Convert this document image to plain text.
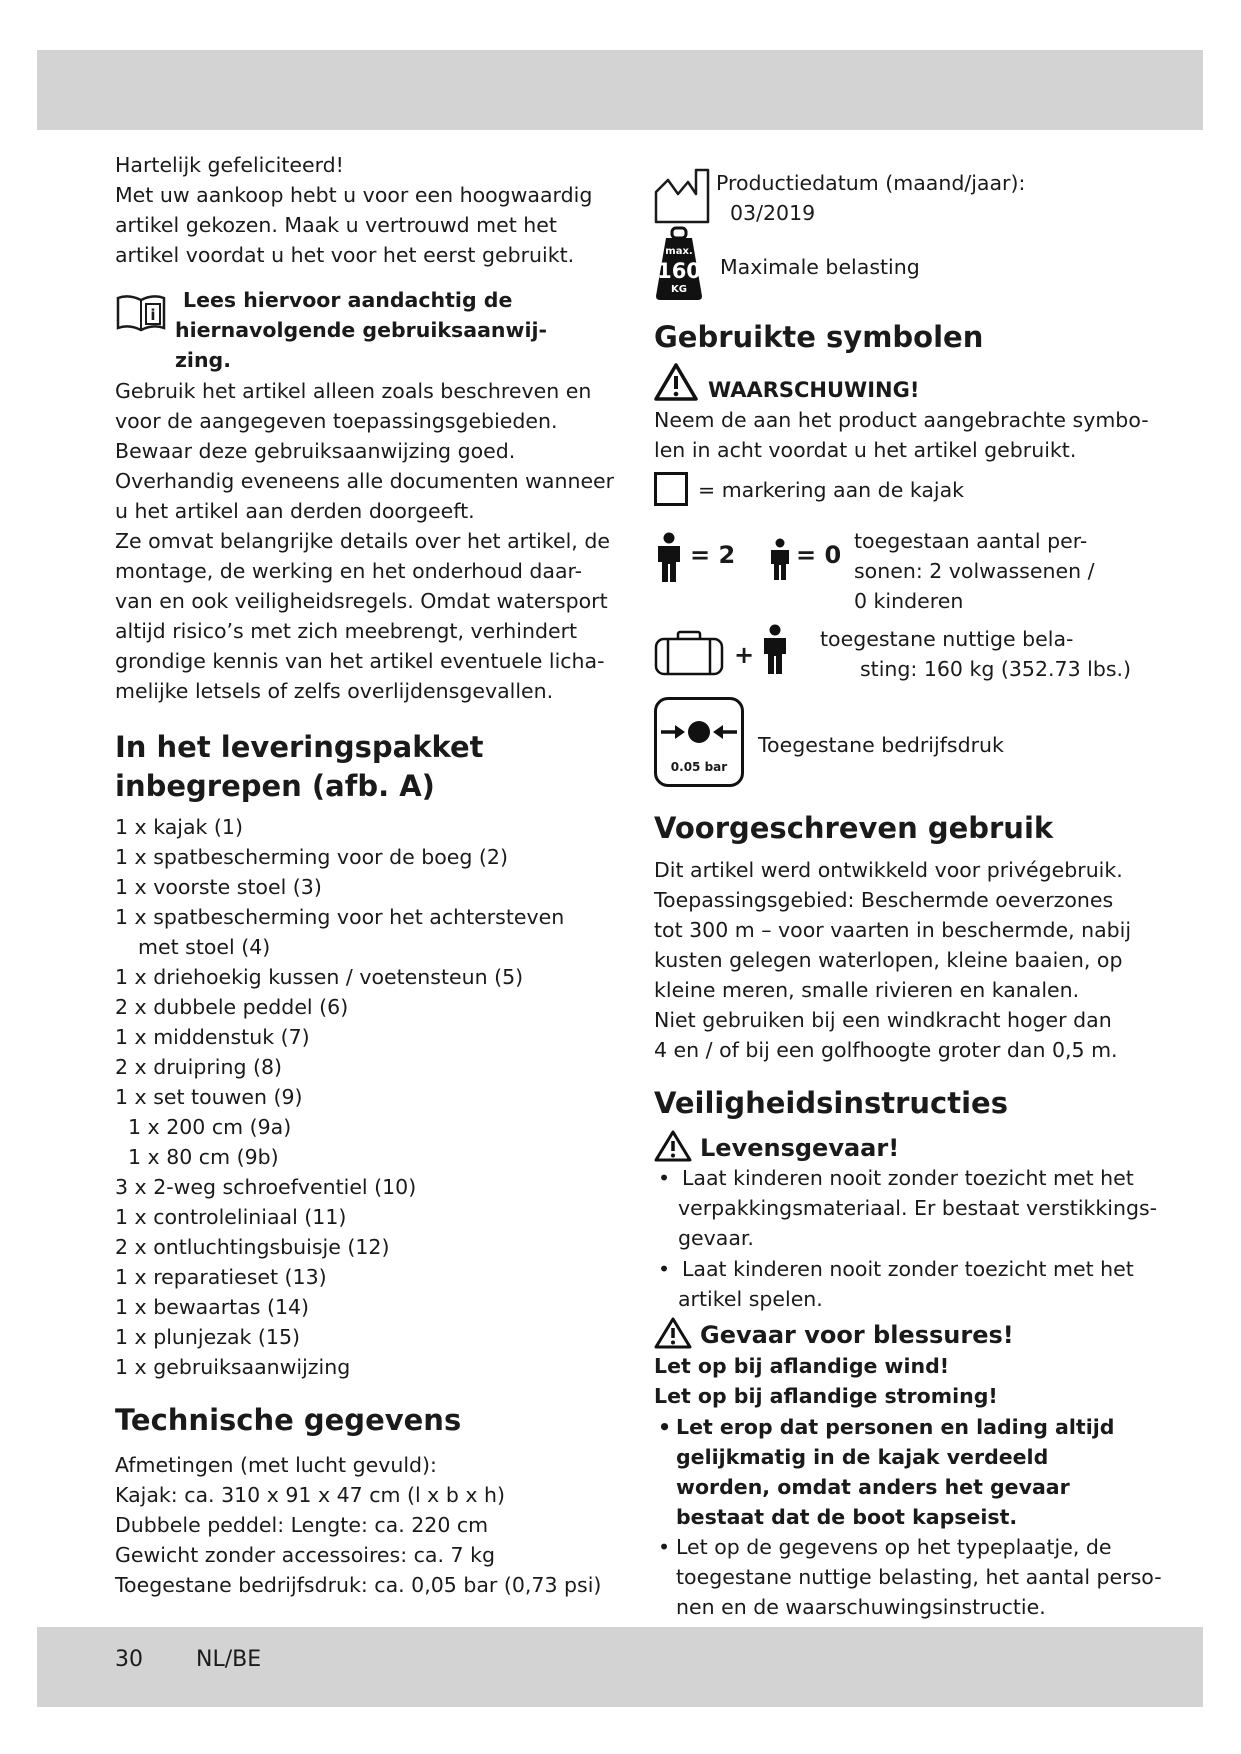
Hartelijk gefeliciteerd!

Met uw aankoop hebt u voor een hoogwaardig

artikel gekozen. Maak u vertrouwd met het

artikel voordat u het voor het eerst gebruikt.

i

Lees hiervoor aandachtig de

hiernavolgende gebruiksaanwij-

zing.

Gebruik het artikel alleen zoals beschreven en

voor de aangegeven toepassingsgebieden.

Bewaar deze gebruiksaanwijzing goed.

Overhandig eveneens alle documenten wanneer

u het artikel aan derden doorgeeft.

Ze omvat belangrijke details over het artikel, de

montage, de werking en het onderhoud daar-

van en ook veiligheidsregels. Omdat watersport

altijd risico’s met zich meebrengt, verhindert

grondige kennis van het artikel eventuele licha-

melijke letsels of zelfs overlijdensgevallen.

In het leveringspakket

inbegrepen (afb. A)

1 x kajak (1)

1 x spatbescherming voor de boeg (2)

1 x voorste stoel (3)

1 x spatbescherming voor het achtersteven

met stoel (4)

1 x driehoekig kussen / voetensteun (5)

2 x dubbele peddel (6)

1 x middenstuk (7)

2 x druipring (8)

1 x set touwen (9)

1 x 200 cm (9a)

1 x 80 cm (9b)

3 x 2-weg schroefventiel (10)

1 x controleliniaal (11)

2 x ontluchtingsbuisje (12)

1 x reparatieset (13)

1 x bewaartas (14)

1 x plunjezak (15)

1 x gebruiksaanwijzing

Technische gegevens

Afmetingen (met lucht gevuld):

Kajak: ca. 310 x 91 x 47 cm (l x b x h)

Dubbele peddel: Lengte: ca. 220 cm

Gewicht zonder accessoires: ca. 7 kg

Toegestane bedrijfsdruk: ca. 0,05 bar (0,73 psi)

Productiedatum (maand/jaar):

03/2019

max.
160
KG

Maximale belasting

Gebruikte symbolen

WAARSCHUWING!

Neem de aan het product aangebrachte symbo-

len in acht voordat u het artikel gebruikt.

= markering aan de kajak

= 2	= 0 toegestaan aantal per-

sonen: 2 volwassenen /

0 kinderen

+

toegestane nuttige bela-

sting: 160 kg (352.73 lbs.)

0.05 bar

Toegestane bedrijfsdruk

Voorgeschreven gebruik

Dit artikel werd ontwikkeld voor privégebruik.

Toepassingsgebied: Beschermde oeverzones

tot 300 m – voor vaarten in beschermde, nabij

kusten gelegen waterlopen, kleine baaien, op

kleine meren, smalle rivieren en kanalen.

Niet gebruiken bij een windkracht hoger dan

4 en / of bij een golfhoogte groter dan 0,5 m.

Veiligheidsinstructies

Levensgevaar!

• Laat kinderen nooit zonder toezicht met het

verpakkingsmateriaal. Er bestaat verstikkings-

gevaar.

• Laat kinderen nooit zonder toezicht met het

artikel spelen.

Gevaar voor blessures!

Let op bij aflandige wind!

Let op bij aflandige stroming!

• Let erop dat personen en lading altijd

gelijkmatig in de kajak verdeeld

worden, omdat anders het gevaar

bestaat dat de boot kapseist.

• Let op de gegevens op het typeplaatje, de

toegestane nuttige belasting, het aantal perso-

nen en de waarschuwingsinstructie.

30 NL/BE
